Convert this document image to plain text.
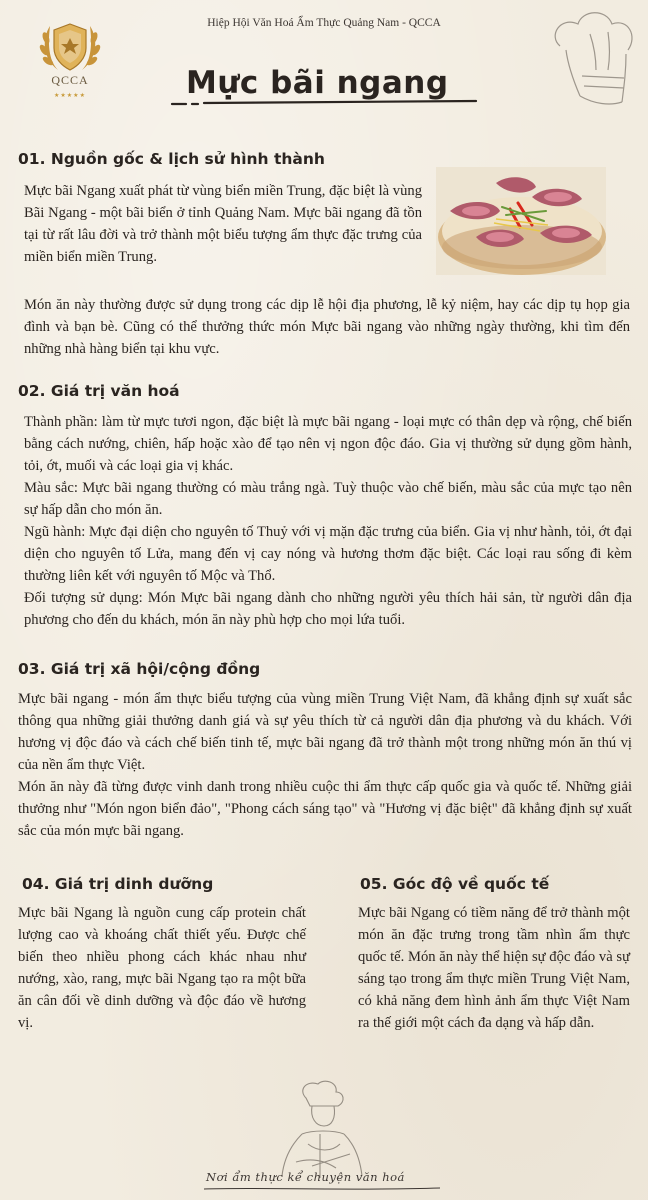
Hiệp Hội Văn Hoá Ẩm Thực Quảng Nam - QCCA
QCCA
★★★★★	Mực bãi ngang
01. Nguồn gốc & lịch sử hình thành
Mực bãi Ngang xuất phát từ vùng biển miền Trung, đặc biệt là vùng Bãi Ngang - một bãi biển ở tỉnh Quảng Nam. Mực bãi ngang đã tồn tại từ rất lâu đời và trở thành một biểu tượng ẩm thực đặc trưng của miền biển miền Trung.
Món ăn này thường được sử dụng trong các dịp lễ hội địa phương, lễ kỷ niệm, hay các dịp tụ họp gia đình và bạn bè. Cũng có thể thưởng thức món Mực bãi ngang vào những ngày thường, khi tìm đến những nhà hàng biển tại khu vực.
02. Giá trị văn hoá
Thành phần: làm từ mực tươi ngon, đặc biệt là mực bãi ngang - loại mực có thân dẹp và rộng, chế biến bằng cách nướng, chiên, hấp hoặc xào để tạo nên vị ngon độc đáo. Gia vị thường sử dụng gồm hành, tỏi, ớt, muối và các loại gia vị khác.
Màu sắc: Mực bãi ngang thường có màu trắng ngà. Tuỳ thuộc vào chế biến, màu sắc của mực tạo nên sự hấp dẫn cho món ăn.
Ngũ hành: Mực đại diện cho nguyên tố Thuỷ với vị mặn đặc trưng của biển. Gia vị như hành, tỏi, ớt đại diện cho nguyên tố Lửa, mang đến vị cay nóng và hương thơm đặc biệt. Các loại rau sống đi kèm thường liên kết với nguyên tố Mộc và Thổ.
Đối tượng sử dụng: Món Mực bãi ngang dành cho những người yêu thích hải sản, từ người dân địa phương cho đến du khách, món ăn này phù hợp cho mọi lứa tuổi.
03. Giá trị xã hội/cộng đồng
Mực bãi ngang - món ẩm thực biểu tượng của vùng miền Trung Việt Nam, đã khẳng định sự xuất sắc thông qua những giải thưởng danh giá và sự yêu thích từ cả người dân địa phương và du khách. Với hương vị độc đáo và cách chế biến tinh tế, mực bãi ngang đã trở thành một trong những món ăn thú vị của nền ẩm thực Việt.
Món ăn này đã từng được vinh danh trong nhiều cuộc thi ẩm thực cấp quốc gia và quốc tế. Những giải thưởng như "Món ngon biển đảo", "Phong cách sáng tạo" và "Hương vị đặc biệt" đã khẳng định sự xuất sắc của món mực bãi ngang.
04. Giá trị dinh dưỡng
Mực bãi Ngang là nguồn cung cấp protein chất lượng cao và khoáng chất thiết yếu. Được chế biến theo nhiều phong cách khác nhau như nướng, xào, rang, mực bãi Ngang tạo ra một bữa ăn cân đối về dinh dưỡng và độc đáo về hương vị.
05. Góc độ về quốc tế
Mực bãi Ngang có tiềm năng để trở thành một món ăn đặc trưng trong tầm nhìn ẩm thực quốc tế. Món ăn này thể hiện sự độc đáo và sự sáng tạo trong ẩm thực miền Trung Việt Nam, có khả năng đem hình ảnh ẩm thực Việt Nam ra thế giới một cách đa dạng và hấp dẫn.
Nơi ẩm thực kể chuyện văn hoá
